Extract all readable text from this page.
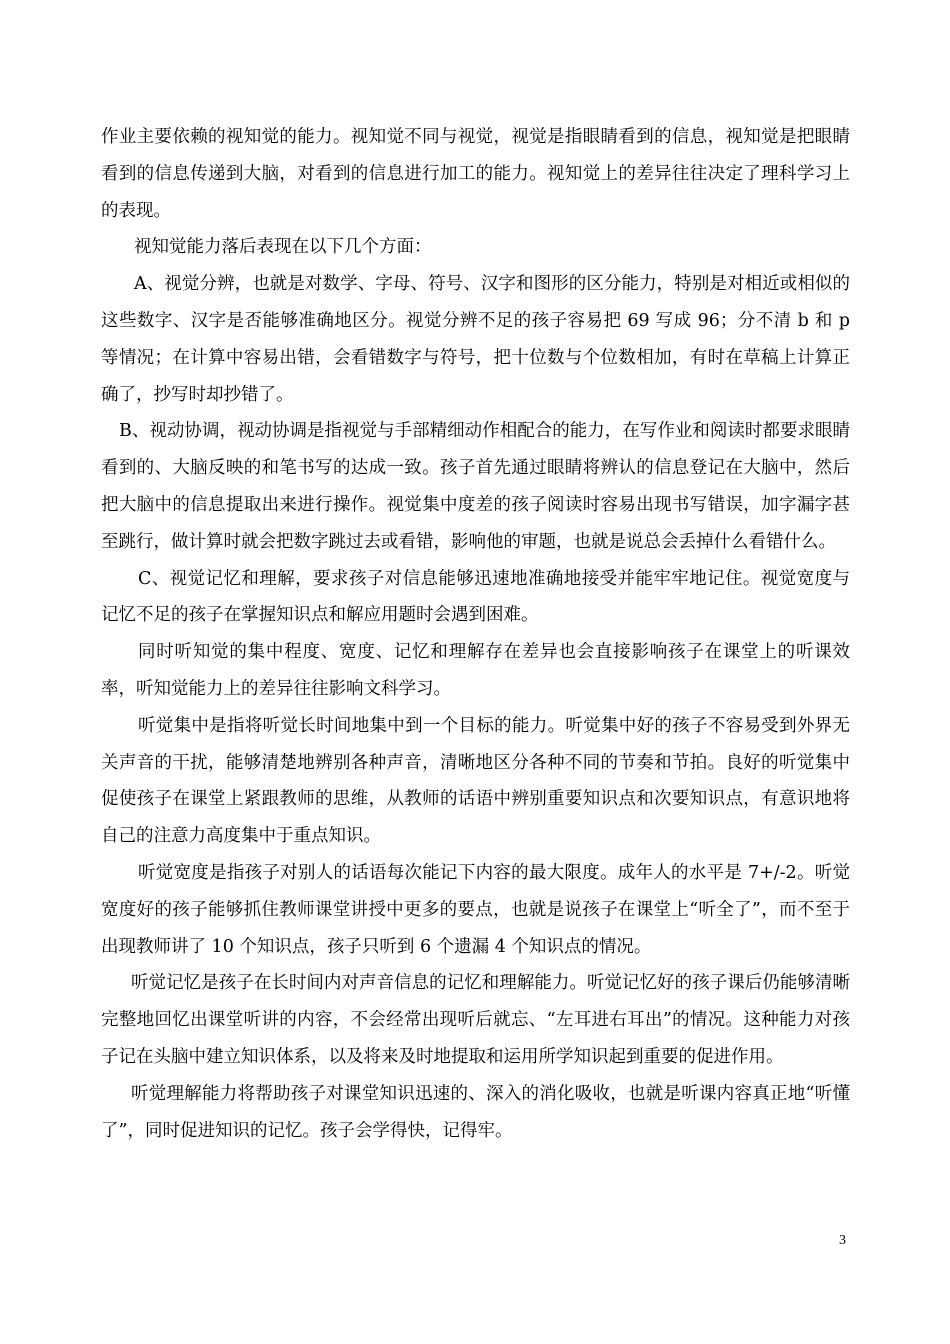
作业主要依赖的视知觉的能力。视知觉不同与视觉，视觉是指眼睛看到的信息，视知觉是把眼睛看到的信息传递到大脑，对看到的信息进行加工的能力。视知觉上的差异往往决定了理科学习上的表现。

视知觉能力落后表现在以下几个方面：

A、视觉分辨，也就是对数学、字母、符号、汉字和图形的区分能力，特别是对相近或相似的这些数字、汉字是否能够准确地区分。视觉分辨不足的孩子容易把 69 写成 96；分不清 b 和 p 等情况；在计算中容易出错，会看错数字与符号，把十位数与个位数相加，有时在草稿上计算正确了，抄写时却抄错了。

B、视动协调，视动协调是指视觉与手部精细动作相配合的能力，在写作业和阅读时都要求眼睛看到的、大脑反映的和笔书写的达成一致。孩子首先通过眼睛将辨认的信息登记在大脑中，然后把大脑中的信息提取出来进行操作。视觉集中度差的孩子阅读时容易出现书写错误，加字漏字甚至跳行，做计算时就会把数字跳过去或看错，影响他的审题，也就是说总会丢掉什么看错什么。

C、视觉记忆和理解，要求孩子对信息能够迅速地准确地接受并能牢牢地记住。视觉宽度与记忆不足的孩子在掌握知识点和解应用题时会遇到困难。

同时听知觉的集中程度、宽度、记忆和理解存在差异也会直接影响孩子在课堂上的听课效率，听知觉能力上的差异往往影响文科学习。

听觉集中是指将听觉长时间地集中到一个目标的能力。听觉集中好的孩子不容易受到外界无关声音的干扰，能够清楚地辨别各种声音，清晰地区分各种不同的节奏和节拍。良好的听觉集中促使孩子在课堂上紧跟教师的思维，从教师的话语中辨别重要知识点和次要知识点，有意识地将自己的注意力高度集中于重点知识。

听觉宽度是指孩子对别人的话语每次能记下内容的最大限度。成年人的水平是 7+/-2。听觉宽度好的孩子能够抓住教师课堂讲授中更多的要点，也就是说孩子在课堂上“听全了”，而不至于出现教师讲了 10 个知识点，孩子只听到 6 个遗漏 4 个知识点的情况。

听觉记忆是孩子在长时间内对声音信息的记忆和理解能力。听觉记忆好的孩子课后仍能够清晰完整地回忆出课堂听讲的内容，不会经常出现听后就忘、“左耳进右耳出”的情况。这种能力对孩子记在头脑中建立知识体系，以及将来及时地提取和运用所学知识起到重要的促进作用。

听觉理解能力将帮助孩子对课堂知识迅速的、深入的消化吸收，也就是听课内容真正地“听懂了”，同时促进知识的记忆。孩子会学得快，记得牢。

3
